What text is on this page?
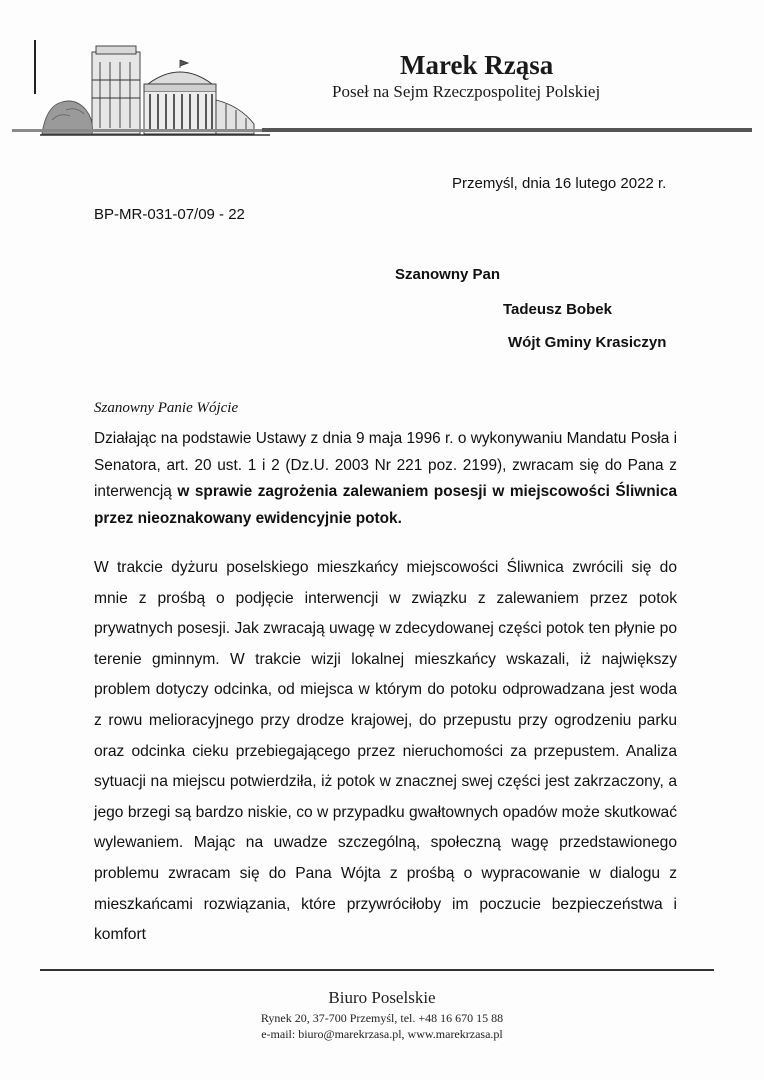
Marek Rząsa
Poseł na Sejm Rzeczpospolitej Polskiej
Przemyśl, dnia 16 lutego 2022 r.
BP-MR-031-07/09 - 22
Szanowny Pan
Tadeusz Bobek
Wójt Gminy Krasiczyn
Szanowny Panie Wójcie
Działając na podstawie Ustawy z dnia 9 maja 1996 r. o wykonywaniu Mandatu Posła i Senatora, art. 20 ust. 1 i 2 (Dz.U. 2003 Nr 221 poz. 2199), zwracam się do Pana z interwencją w sprawie zagrożenia zalewaniem posesji w miejscowości Śliwnica przez nieoznakowany ewidencyjnie potok.
W trakcie dyżuru poselskiego mieszkańcy miejscowości Śliwnica zwrócili się do mnie z prośbą o podjęcie interwencji w związku z zalewaniem przez potok prywatnych posesji. Jak zwracają uwagę w zdecydowanej części potok ten płynie po terenie gminnym. W trakcie wizji lokalnej mieszkańcy wskazali, iż największy problem dotyczy odcinka, od miejsca w którym do potoku odprowadzana jest woda z rowu melioracyjnego przy drodze krajowej, do przepustu przy ogrodzeniu parku oraz odcinka cieku przebiegającego przez nieruchomości za przepustem. Analiza sytuacji na miejscu potwierdziła, iż potok w znacznej swej części jest zakrzaczony, a jego brzegi są bardzo niskie, co w przypadku gwałtownych opadów może skutkować wylewaniem. Mając na uwadze szczególną, społeczną wagę przedstawionego problemu zwracam się do Pana Wójta z prośbą o wypracowanie w dialogu z mieszkańcami rozwiązania, które przywróciłoby im poczucie bezpieczeństwa i komfort
Biuro Poselskie
Rynek 20, 37-700 Przemyśl, tel. +48 16 670 15 88
e-mail: biuro@marekrzasa.pl, www.marekrzasa.pl
